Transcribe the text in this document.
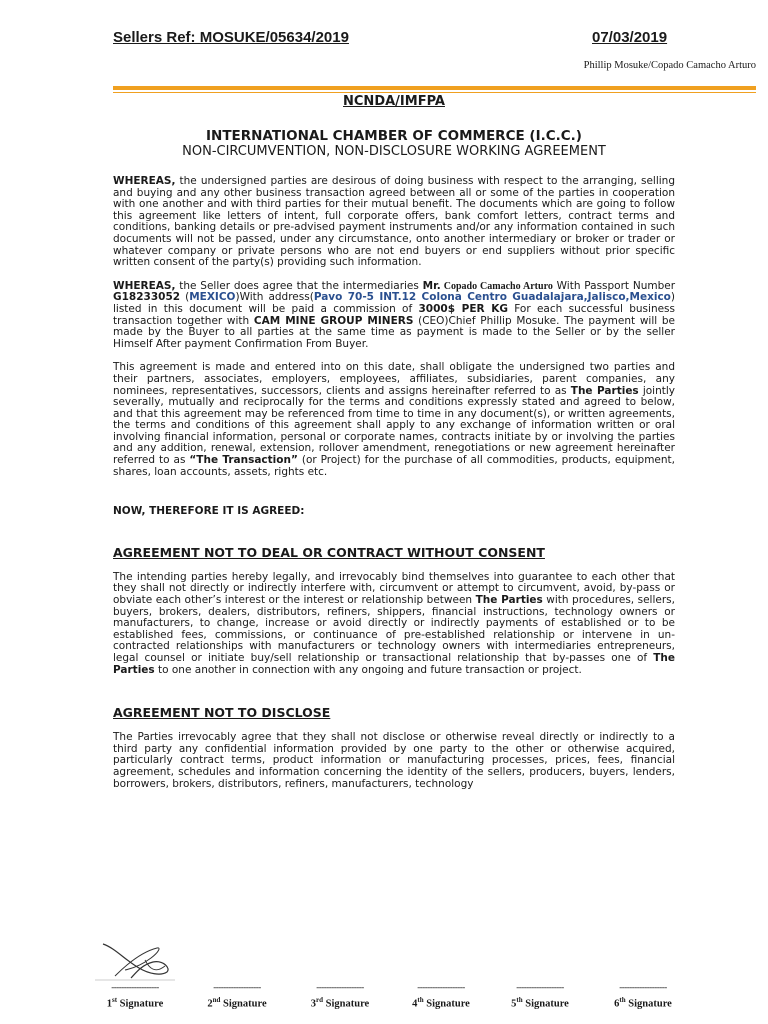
Sellers Ref: MOSUKE/05634/2019	07/03/2019
Phillip Mosuke/Copado Camacho Arturo

NCNDA/IMFPA

INTERNATIONAL CHAMBER OF COMMERCE (I.C.C.)

NON-CIRCUMVENTION, NON-DISCLOSURE WORKING AGREEMENT

WHEREAS, the undersigned parties are desirous of doing business with respect to the arranging, selling and buying and any other business transaction agreed between all or some of the parties in cooperation with one another and with third parties for their mutual benefit. The documents which are going to follow this agreement like letters of intent, full corporate offers, bank comfort letters, contract terms and conditions, banking details or pre-advised payment instruments and/or any information contained in such documents will not be passed, under any circumstance, onto another intermediary or broker or trader or whatever company or private persons who are not end buyers or end suppliers without prior specific written consent of the party(s) providing such information.

WHEREAS, the Seller does agree that the intermediaries Mr. Copado Camacho Arturo With Passport Number G18233052 (MEXICO)With address(Pavo 70-5 INT.12 Colona Centro Guadalajara,Jalisco,Mexico) listed in this document will be paid a commission of 3000$ PER KG For each successful business transaction together with CAM MINE GROUP MINERS (CEO)Chief Phillip Mosuke. The payment will be made by the Buyer to all parties at the same time as payment is made to the Seller or by the seller Himself After payment Confirmation From Buyer.

This agreement is made and entered into on this date, shall obligate the undersigned two parties and their partners, associates, employers, employees, affiliates, subsidiaries, parent companies, any nominees, representatives, successors, clients and assigns hereinafter referred to as The Parties jointly severally, mutually and reciprocally for the terms and conditions expressly stated and agreed to below, and that this agreement may be referenced from time to time in any document(s), or written agreements, the terms and conditions of this agreement shall apply to any exchange of information written or oral involving financial information, personal or corporate names, contracts initiate by or involving the parties and any addition, renewal, extension, rollover amendment, renegotiations or new agreement hereinafter referred to as “The Transaction” (or Project) for the purchase of all commodities, products, equipment, shares, loan accounts, assets, rights etc.

NOW, THEREFORE IT IS AGREED:

AGREEMENT NOT TO DEAL OR CONTRACT WITHOUT CONSENT

The intending parties hereby legally, and irrevocably bind themselves into guarantee to each other that they shall not directly or indirectly interfere with, circumvent or attempt to circumvent, avoid, by-pass or obviate each other’s interest or the interest or relationship between The Parties with procedures, sellers, buyers, brokers, dealers, distributors, refiners, shippers, financial instructions, technology owners or manufacturers, to change, increase or avoid directly or indirectly payments of established or to be established fees, commissions, or continuance of pre-established relationship or intervene in un-contracted relationships with manufacturers or technology owners with intermediaries entrepreneurs, legal counsel or initiate buy/sell relationship or transactional relationship that by-passes one of The Parties to one another in connection with any ongoing and future transaction or project.

AGREEMENT NOT TO DISCLOSE

The Parties irrevocably agree that they shall not disclose or otherwise reveal directly or indirectly to a third party any confidential information provided by one party to the other or otherwise acquired, particularly contract terms, product information or manufacturing processes, prices, fees, financial agreement, schedules and information concerning the identity of the sellers, producers, buyers, lenders, borrowers, brokers, distributors, refiners, manufacturers, technology

-------------------
1st Signature
-------------------
2nd Signature
-------------------
3rd Signature
-------------------
4th Signature
-------------------
5th Signature
-------------------
6th Signature
